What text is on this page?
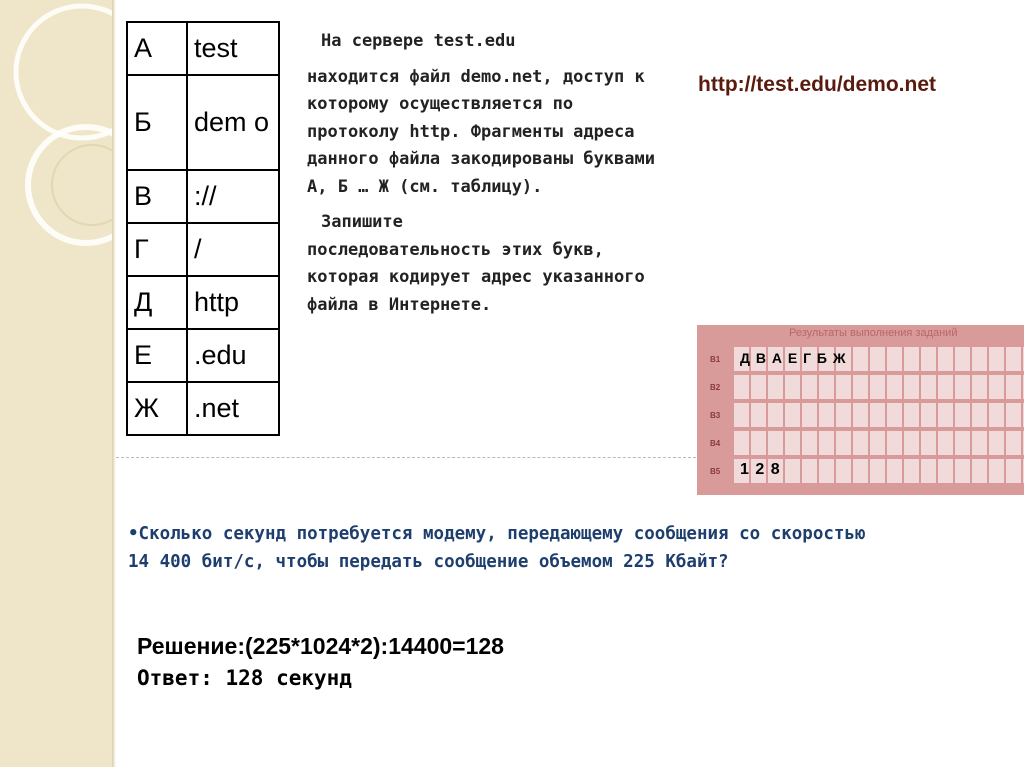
А	test
Б	dem o
В	://
Г	/
Д	http
Е	.edu
Ж	.net

На сервере test.edu

находится файл demo.net, доступ к которому осуществляется по протоколу http. Фрагменты адреса данного файла закодированы буквами А, Б … Ж (см. таблицу).

Запишите

последовательность этих букв, которая кодирует адрес указанного файла в Интернете.

http://test.edu/demo.net
Результаты выполнения заданий
B1 Д В А Е Г Б Ж
B2
B3
B4
B5 1 2 8
•Сколько секунд потребуется модему, передающему сообщения со скоростью 14 400 бит/с, чтобы передать сообщение объемом 225 Кбайт?
Решение:(225*1024*2):14400=128
Ответ: 128 секунд
